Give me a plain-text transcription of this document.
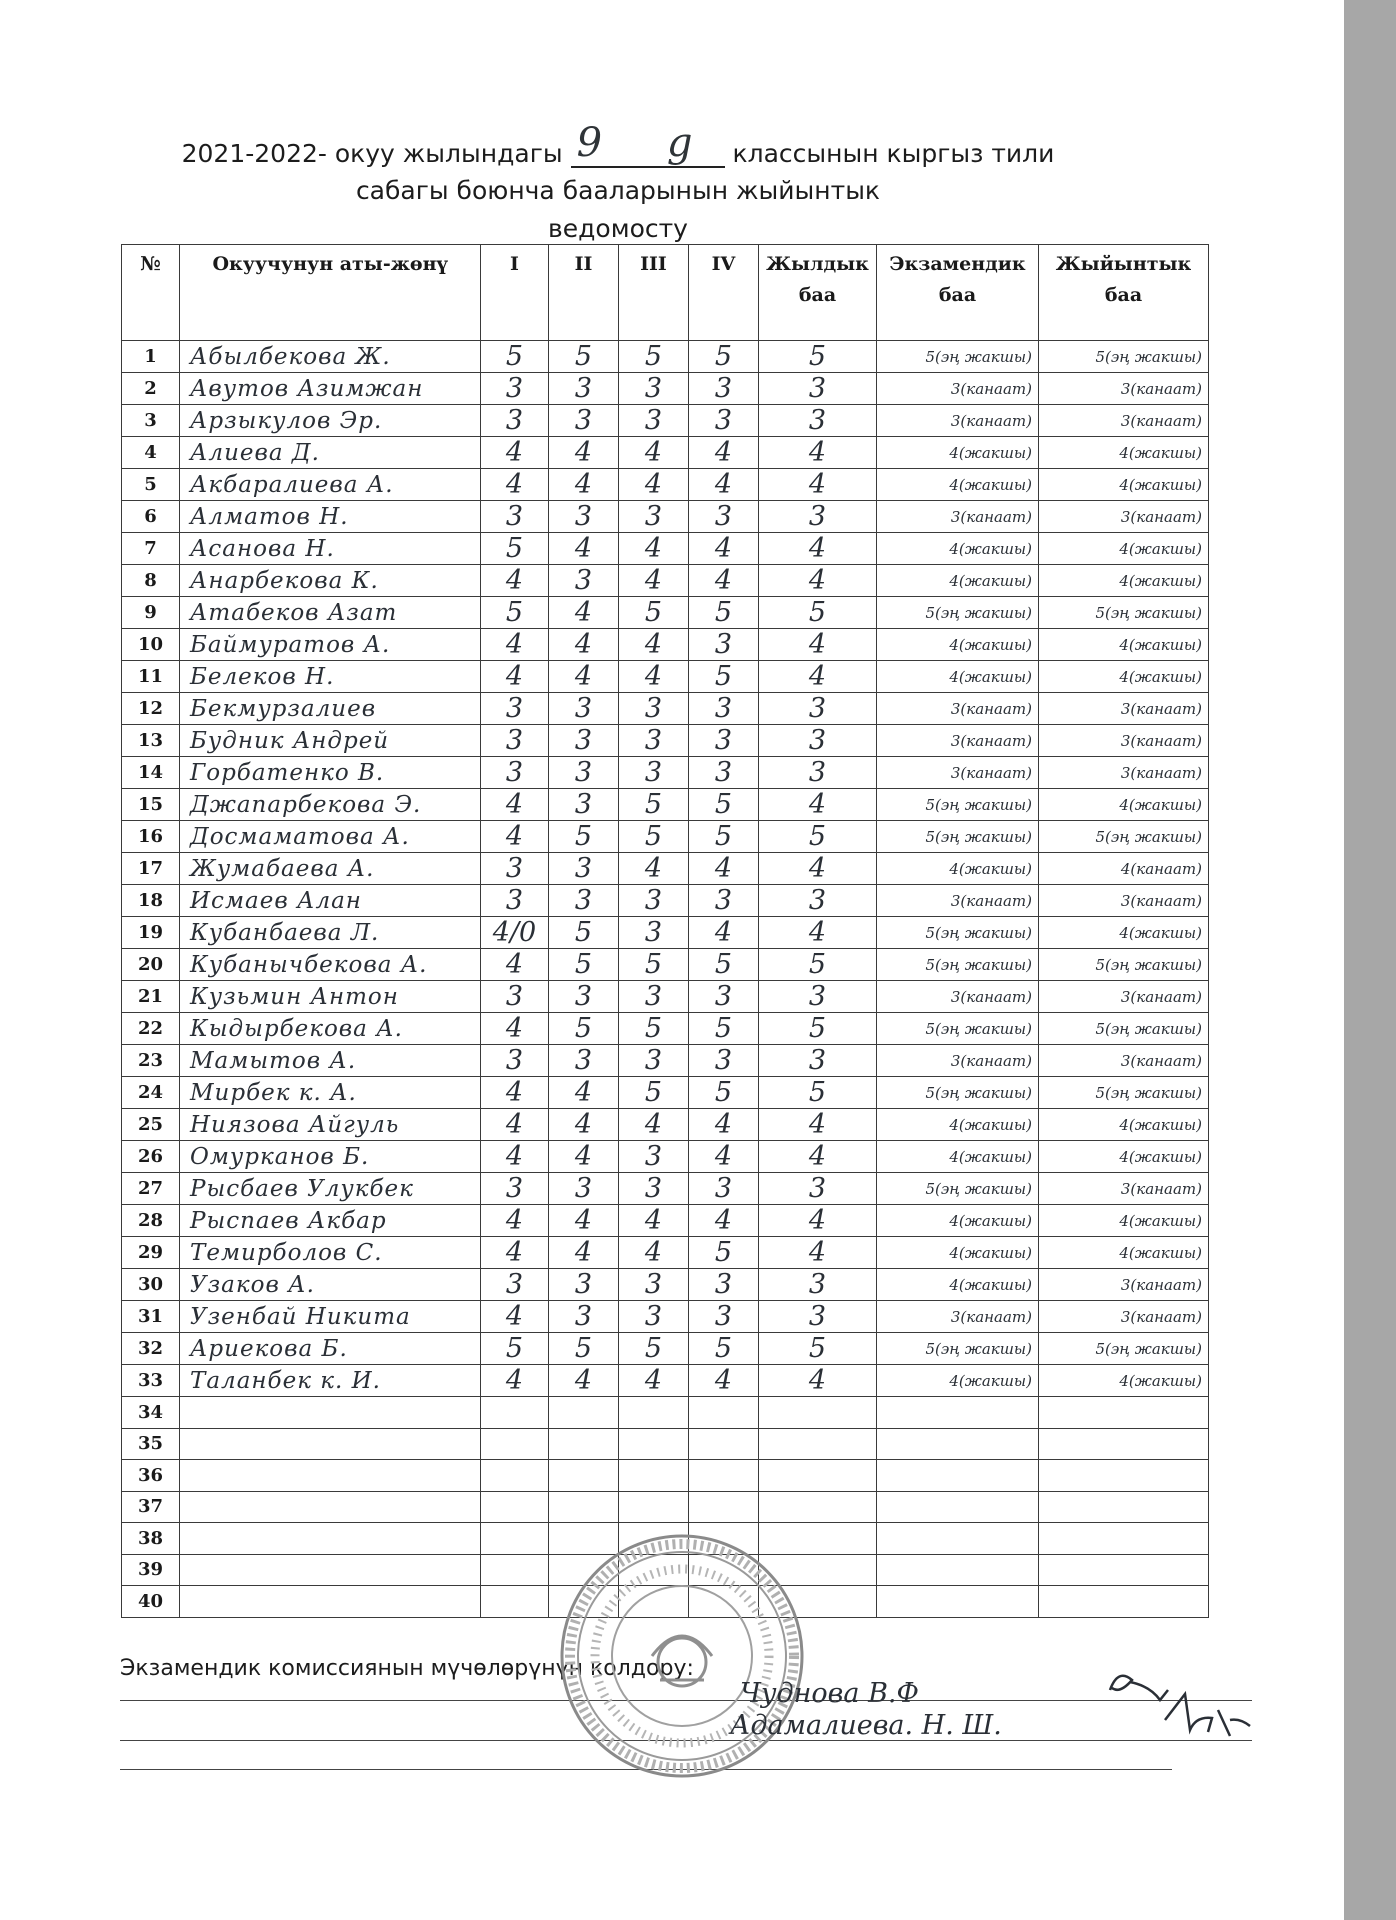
2021-2022- окуу жылындагы 9 g классынын кыргыз тили
сабагы боюнча бааларынын жыйынтык
ведомосту
№	Окуучунун аты-жөнү	I	II	III	IV	Жылдык баа	Экзамендик баа	Жыйынтык баа
1	Абылбекова Ж.	5	5	5	5	5	5(эң жакшы)	5(эң жакшы)
2	Авутов Азимжан	3	3	3	3	3	3(канаат)	3(канаат)
3	Арзыкулов Эр.	3	3	3	3	3	3(канаат)	3(канаат)
4	Алиева Д.	4	4	4	4	4	4(жакшы)	4(жакшы)
5	Акбаралиева А.	4	4	4	4	4	4(жакшы)	4(жакшы)
6	Алматов Н.	3	3	3	3	3	3(канаат)	3(канаат)
7	Асанова Н.	5	4	4	4	4	4(жакшы)	4(жакшы)
8	Анарбекова К.	4	3	4	4	4	4(жакшы)	4(жакшы)
9	Атабеков Азат	5	4	5	5	5	5(эң жакшы)	5(эң жакшы)
10	Баймуратов А.	4	4	4	3	4	4(жакшы)	4(жакшы)
11	Белеков Н.	4	4	4	5	4	4(жакшы)	4(жакшы)
12	Бекмурзалиев	3	3	3	3	3	3(канаат)	3(канаат)
13	Будник Андрей	3	3	3	3	3	3(канаат)	3(канаат)
14	Горбатенко В.	3	3	3	3	3	3(канаат)	3(канаат)
15	Джапарбекова Э.	4	3	5	5	4	5(эң жакшы)	4(жакшы)
16	Досмаматова А.	4	5	5	5	5	5(эң жакшы)	5(эң жакшы)
17	Жумабаева А.	3	3	4	4	4	4(жакшы)	4(канаат)
18	Исмаев Алан	3	3	3	3	3	3(канаат)	3(канаат)
19	Кубанбаева Л.	4/0	5	3	4	4	5(эң жакшы)	4(жакшы)
20	Кубанычбекова А.	4	5	5	5	5	5(эң жакшы)	5(эң жакшы)
21	Кузьмин Антон	3	3	3	3	3	3(канаат)	3(канаат)
22	Кыдырбекова А.	4	5	5	5	5	5(эң жакшы)	5(эң жакшы)
23	Мамытов А.	3	3	3	3	3	3(канаат)	3(канаат)
24	Мирбек к. А.	4	4	5	5	5	5(эң жакшы)	5(эң жакшы)
25	Ниязова Айгуль	4	4	4	4	4	4(жакшы)	4(жакшы)
26	Омурканов Б.	4	4	3	4	4	4(жакшы)	4(жакшы)
27	Рысбаев Улукбек	3	3	3	3	3	5(эң жакшы)	3(канаат)
28	Рыспаев Акбар	4	4	4	4	4	4(жакшы)	4(жакшы)
29	Темирболов С.	4	4	4	5	4	4(жакшы)	4(жакшы)
30	Узаков А.	3	3	3	3	3	4(жакшы)	3(канаат)
31	Узенбай Никита	4	3	3	3	3	3(канаат)	3(канаат)
32	Ариекова Б.	5	5	5	5	5	5(эң жакшы)	5(эң жакшы)
33	Таланбек к. И.	4	4	4	4	4	4(жакшы)	4(жакшы)
34								
35								
36								
37								
38								
39								
40								
Экзамендик комиссиянын мүчөлөрүнүн колдору:
Чуднова В.Ф
Адамалиева. Н. Ш.
